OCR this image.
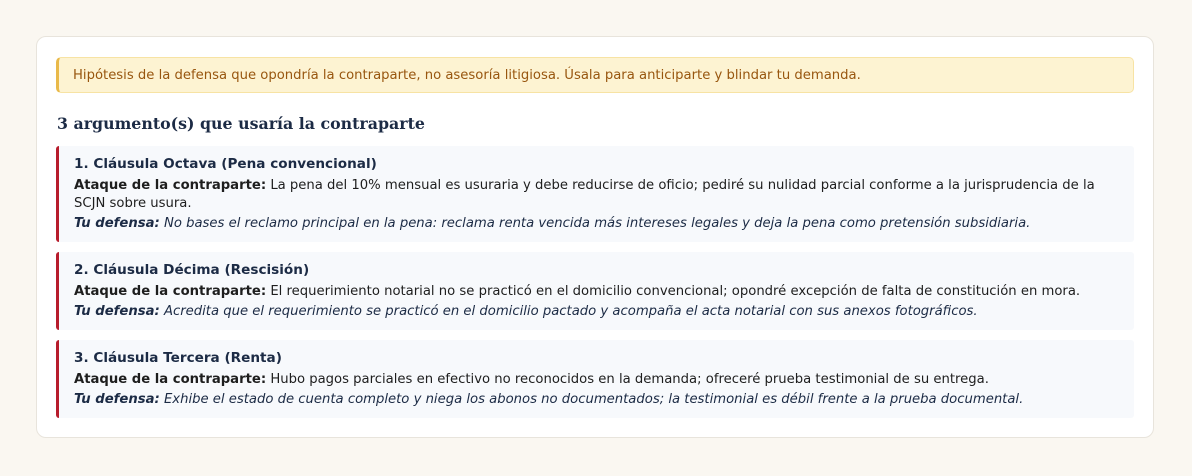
Hipótesis de la defensa que opondría la contraparte, no asesoría litigiosa. Úsala para anticiparte y blindar tu demanda.
3 argumento(s) que usaría la contraparte
1. Cláusula Octava (Pena convencional)
Ataque de la contraparte: La pena del 10% mensual es usuraria y debe reducirse de oficio; pediré su nulidad parcial conforme a la jurisprudencia de la SCJN sobre usura.
Tu defensa: No bases el reclamo principal en la pena: reclama renta vencida más intereses legales y deja la pena como pretensión subsidiaria.
2. Cláusula Décima (Rescisión)
Ataque de la contraparte: El requerimiento notarial no se practicó en el domicilio convencional; opondré excepción de falta de constitución en mora.
Tu defensa: Acredita que el requerimiento se practicó en el domicilio pactado y acompaña el acta notarial con sus anexos fotográficos.
3. Cláusula Tercera (Renta)
Ataque de la contraparte: Hubo pagos parciales en efectivo no reconocidos en la demanda; ofreceré prueba testimonial de su entrega.
Tu defensa: Exhibe el estado de cuenta completo y niega los abonos no documentados; la testimonial es débil frente a la prueba documental.
